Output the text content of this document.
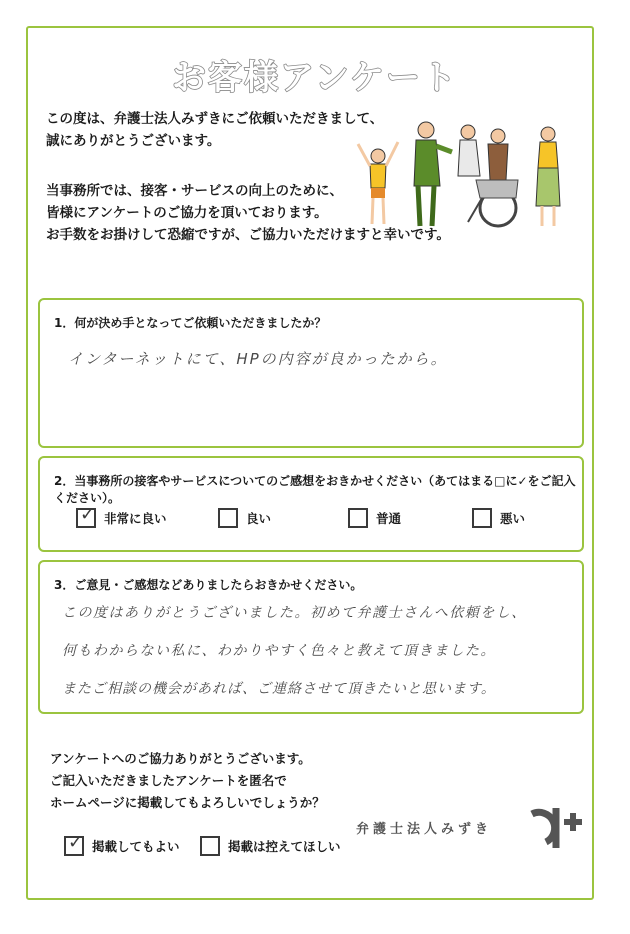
お客様アンケート
この度は、弁護士法人みずきにご依頼いただきまして、
誠にありがとうございます。
当事務所では、接客・サービスの向上のために、
皆様にアンケートのご協力を頂いております。
お手数をお掛けして恐縮ですが、ご協力いただけますと幸いです。
1．何が決め手となってご依頼いただきましたか？
インターネットにて、HPの内容が良かったから。
2．当事務所の接客やサービスについてのご感想をおきかせください（あてはまる□に✓をご記入ください）。
✓ 非常に良い	良い	普通	悪い
3．ご意見・ご感想などありましたらおきかせください。
この度はありがとうございました。初めて弁護士さんへ依頼をし、
何もわからない私に、わかりやすく色々と教えて頂きました。
またご相談の機会があれば、ご連絡させて頂きたいと思います。
アンケートへのご協力ありがとうございます。
ご記入いただきましたアンケートを匿名で
ホームページに掲載してもよろしいでしょうか？
弁護士法人みずき
✓ 掲載してもよい	掲載は控えてほしい
